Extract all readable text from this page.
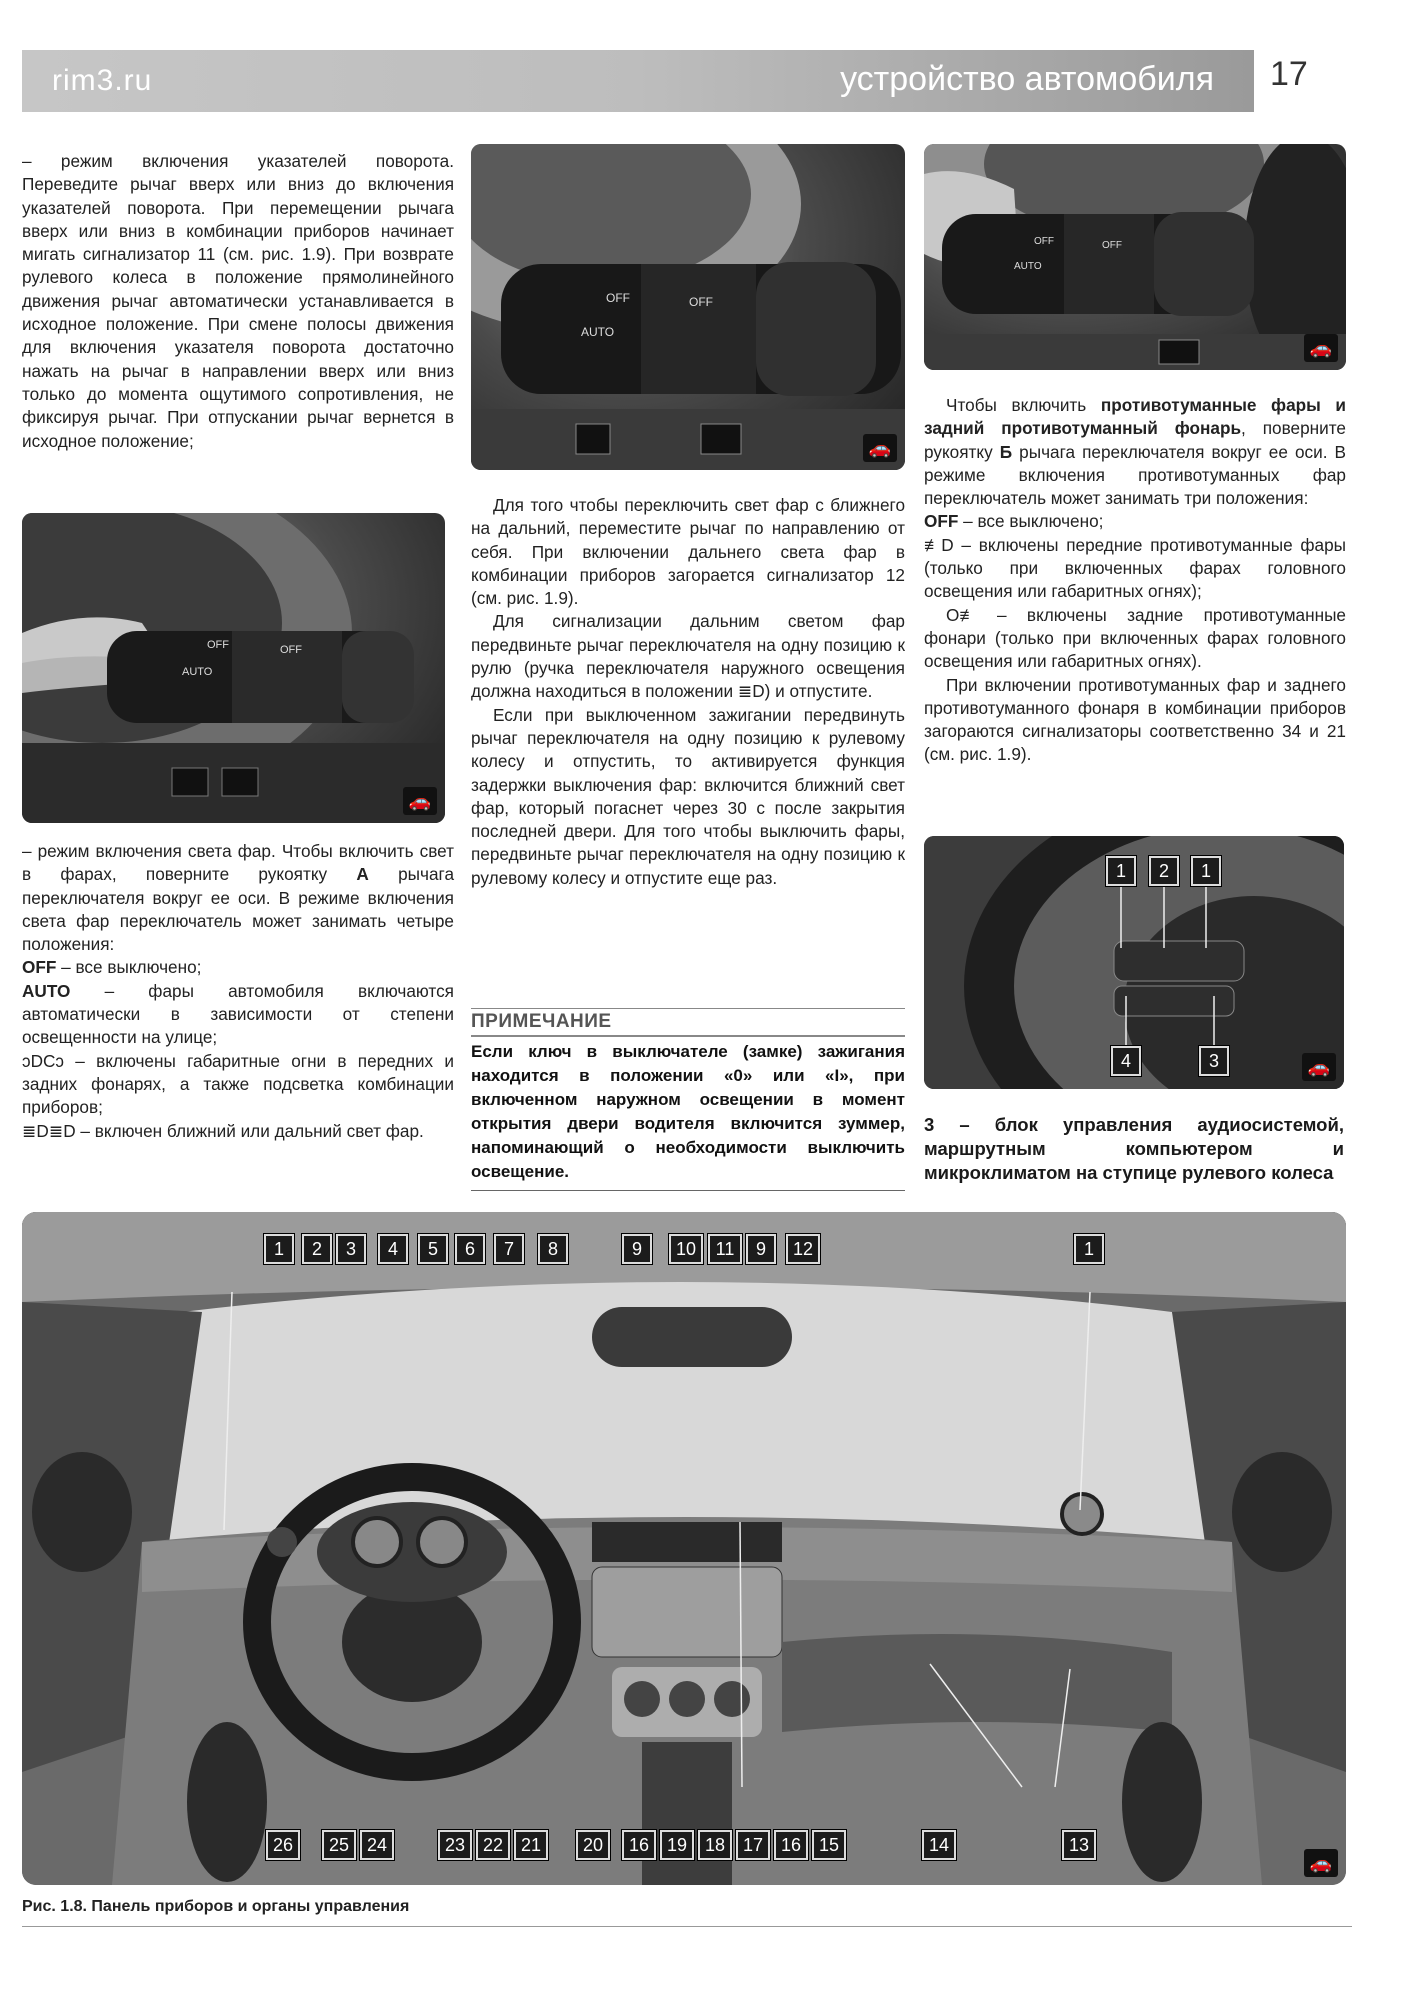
rim3.ru	устройство автомобиля 17

– режим включения указателей поворота. Переведите рычаг вверх или вниз до включения указателей поворота. При перемещении рычага вверх или вниз в комбинации приборов начинает мигать сигнализатор 11 (см. рис. 1.9). При возврате рулевого колеса в положение прямолинейного движения рычаг автоматически устанавливается в исходное положение. При смене полосы движения для включения указателя поворота достаточно нажать на рычаг в направлении вверх или вниз только до момента ощутимого сопротивления, не фиксируя рычаг. При отпускании рычаг вернется в исходное положение;

OFF
AUTO
OFF
🚗

– режим включения света фар. Чтобы включить свет в фарах, поверните рукоятку A рычага переключателя вокруг ее оси. В режиме включения света фар переключатель может занимать четыре положения:

OFF – все выключено;

AUTO – фары автомобиля включаются автоматически в зависимости от степени освещенности на улице;

ↄDCↄ – включены габаритные огни в передних и задних фонарях, а также подсветка комбинации приборов;

≣D≣D – включен ближний или дальний свет фар.

OFF
AUTO
OFF
🚗

Для того чтобы переключить свет фар с ближнего на дальний, переместите рычаг по направлению от себя. При включении дальнего света фар в комбинации приборов загорается сигнализатор 12 (см. рис. 1.9).

Для сигнализации дальним светом фар передвиньте рычаг переключателя на одну позицию к рулю (ручка переключателя наружного освещения должна находиться в положении ≣D) и отпустите.

Если при выключенном зажигании передвинуть рычаг переключателя на одну позицию к рулевому колесу и отпустить, то активируется функция задержки выключения фар: включится ближний свет фар, который погаснет через 30 с после закрытия последней двери. Для того чтобы выключить фары, передвиньте рычаг переключателя на одну позицию к рулевому колесу и отпустите еще раз.

ПРИМЕЧАНИЕ
Если ключ в выключателе (замке) зажигания находится в положении «0» или «I», при включенном наружном освещении в момент открытия двери водителя включится зуммер, напоминающий о необходимости выключить освещение.
OFF
AUTO
OFF
🚗

Чтобы включить противотуманные фары и задний противотуманный фонарь, поверните рукоятку Б рычага переключателя вокруг ее оси. В режиме включения противотуманных фар переключатель может занимать три положения:

OFF – все выключено;

≢D – включены передние противотуманные фары (только при включенных фарах головного освещения или габаритных огнях);

O≢ – включены задние противотуманные фонари (только при включенных фарах головного освещения или габаритных огнях).

При включении противотуманных фар и заднего противотуманного фонаря в комбинации приборов загораются сигнализаторы соответственно 34 и 21 (см. рис. 1.9).

1	2	1
4	3	🚗
3 – блок управления аудиосистемой, маршрутным компьютером и микроклиматом на ступице рулевого колеса
1	2	3	4	5	6	7	8	9	10	11	9	12	1
26	25 24	23 22 21	20	16 19 18 17 16 15	14	13
🚗
Рис. 1.8. Панель приборов и органы управления
